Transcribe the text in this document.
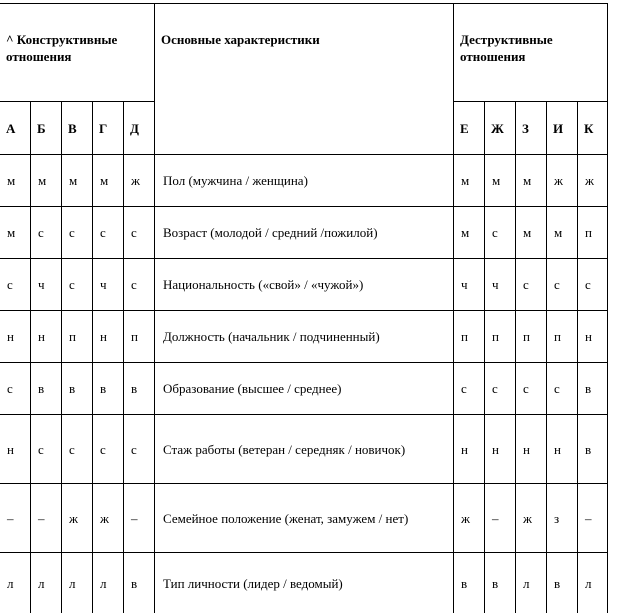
^ Конструктивные отношения					Основные характеристики	Деструктивные отношения				
А	Б	В	Г	Д		Е	Ж	З	И	К
м	м	м	м	ж	Пол (мужчина / женщина)	м	м	м	ж	ж
м	с	с	с	с	Возраст (молодой / средний /пожилой)	м	с	м	м	п
с	ч	с	ч	с	Национальность («свой» / «чужой»)	ч	ч	с	с	с
н	н	п	н	п	Должность (начальник / подчиненный)	п	п	п	п	н
с	в	в	в	в	Образование (высшее / среднее)	с	с	с	с	в
н	с	с	с	с	Стаж работы (ветеран / середняк / новичок)	н	н	н	н	в
–	–	ж	ж	–	Семейное положение (женат, замужем / нет)	ж	–	ж	з	–
л	л	л	л	в	Тип личности (лидер / ведомый)	в	в	л	в	л
